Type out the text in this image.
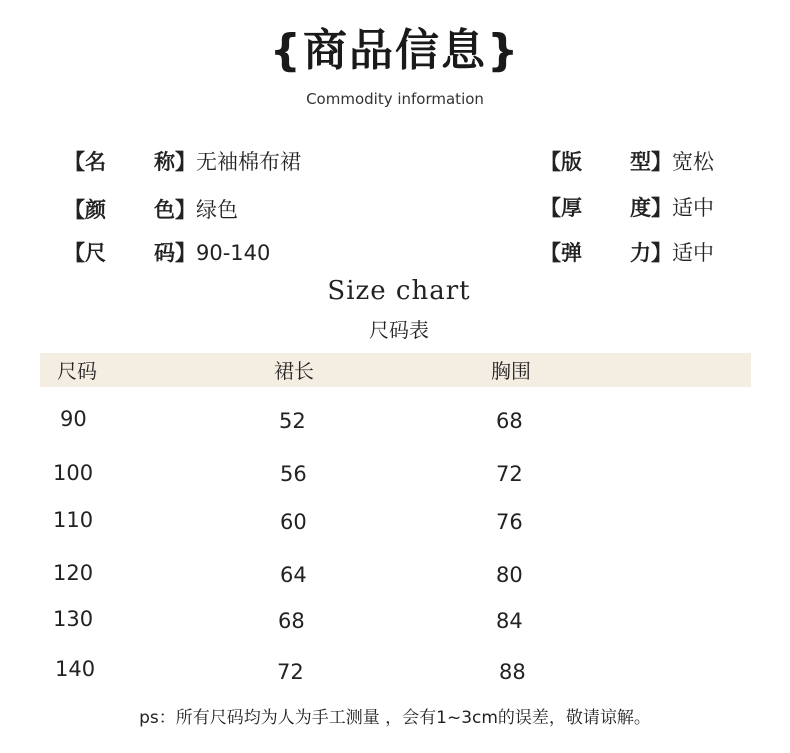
{商品信息}
Commodity information
【名 称】无袖棉布裙
【颜 色】绿色
【尺 码】90-140
【版 型】宽松
【厚 度】适中
【弹 力】适中
Size chart
尺码表
尺码	裙长	胸围
90	52	68
100	56	72
110	60	76
120	64	80
130	68	84
140	72	88
ps：所有尺码均为人为手工测量 ，会有1~3cm的误差，敬请谅解。
